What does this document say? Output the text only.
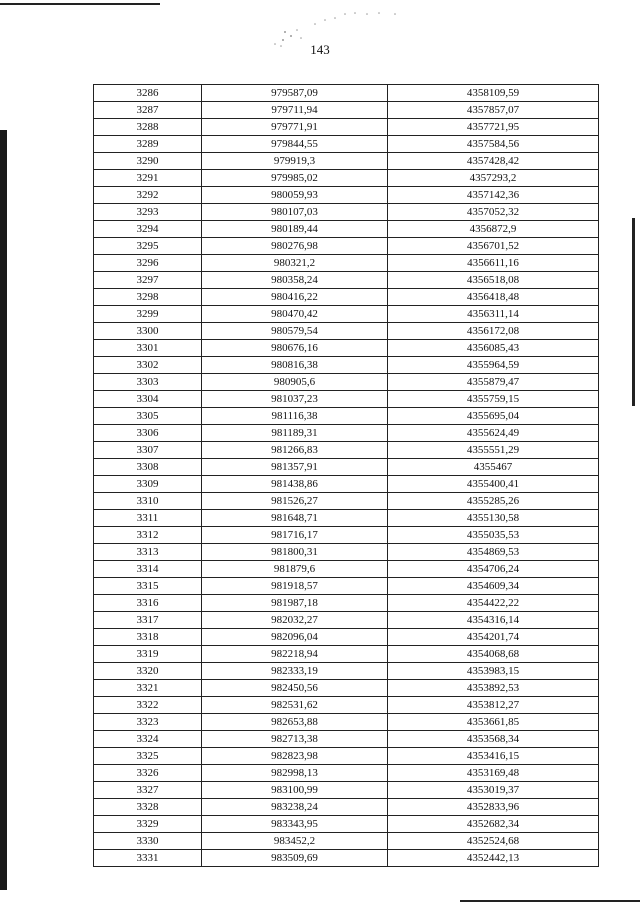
143
3286	979587,09	4358109,59
3287	979711,94	4357857,07
3288	979771,91	4357721,95
3289	979844,55	4357584,56
3290	979919,3	4357428,42
3291	979985,02	4357293,2
3292	980059,93	4357142,36
3293	980107,03	4357052,32
3294	980189,44	4356872,9
3295	980276,98	4356701,52
3296	980321,2	4356611,16
3297	980358,24	4356518,08
3298	980416,22	4356418,48
3299	980470,42	4356311,14
3300	980579,54	4356172,08
3301	980676,16	4356085,43
3302	980816,38	4355964,59
3303	980905,6	4355879,47
3304	981037,23	4355759,15
3305	981116,38	4355695,04
3306	981189,31	4355624,49
3307	981266,83	4355551,29
3308	981357,91	4355467
3309	981438,86	4355400,41
3310	981526,27	4355285,26
3311	981648,71	4355130,58
3312	981716,17	4355035,53
3313	981800,31	4354869,53
3314	981879,6	4354706,24
3315	981918,57	4354609,34
3316	981987,18	4354422,22
3317	982032,27	4354316,14
3318	982096,04	4354201,74
3319	982218,94	4354068,68
3320	982333,19	4353983,15
3321	982450,56	4353892,53
3322	982531,62	4353812,27
3323	982653,88	4353661,85
3324	982713,38	4353568,34
3325	982823,98	4353416,15
3326	982998,13	4353169,48
3327	983100,99	4353019,37
3328	983238,24	4352833,96
3329	983343,95	4352682,34
3330	983452,2	4352524,68
3331	983509,69	4352442,13
